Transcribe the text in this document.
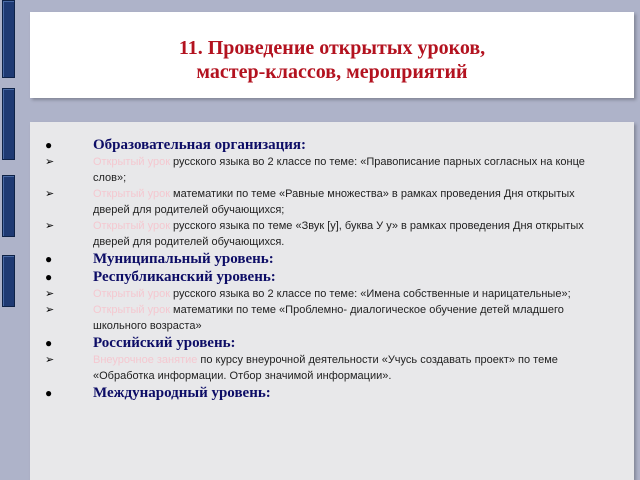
11. Проведение открытых уроков,
мастер-классов, мероприятий
●	Образовательная организация:
➢	Открытый урок русского языка во 2 классе по теме: «Правописание парных согласных на конце слов»;
➢	Открытый урок математики по теме «Равные множества» в рамках проведения Дня открытых дверей для родителей обучающихся;
➢	Открытый урок русского языка по теме «Звук [у], буква У у» в рамках проведения Дня открытых дверей для родителей обучающихся.
●	Муниципальный уровень:
●	Республиканский уровень:
➢	Открытый урок русского языка во 2 классе по теме: «Имена собственные и нарицательные»;
➢	Открытый урок математики по теме «Проблемно- диалогическое обучение детей младшего школьного возраста»
●	Российский уровень:
➢	Внеурочное занятие по курсу внеурочной деятельности «Учусь создавать проект» по теме «Обработка информации. Отбор значимой информации».
●	Международный уровень:
